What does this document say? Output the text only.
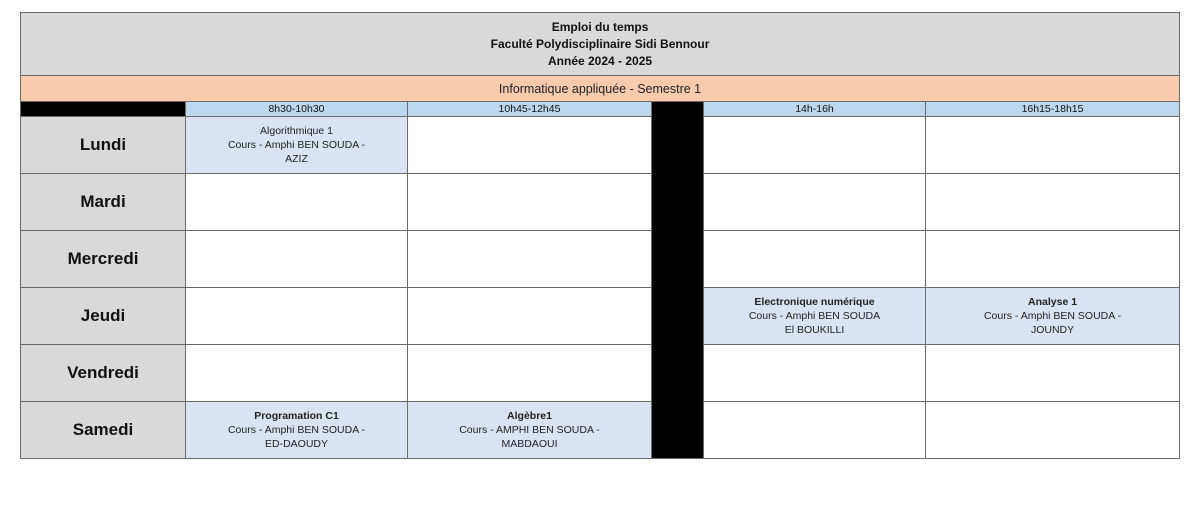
Emploi du temps
Faculté Polydisciplinaire Sidi Bennour
Année 2024 - 2025					

Informatique appliquée - Semestre 1					
	8h30-10h30	10h45-12h45		14h-16h	16h15-18h15
Lundi	Algorithmique 1
Cours - Amphi BEN SOUDA -
AZIZ				

Mardi					
Mercredi					
Jeudi				Electronique numérique
Cours - Amphi BEN SOUDA
El BOUKILLI	Analyse 1
Cours - Amphi BEN SOUDA -
JOUNDY

Vendredi					
Samedi	Programation C1
Cours - Amphi BEN SOUDA -
ED-DAOUDY	Algèbre1
Cours - AMPHI BEN SOUDA -
MABDAOUI			
